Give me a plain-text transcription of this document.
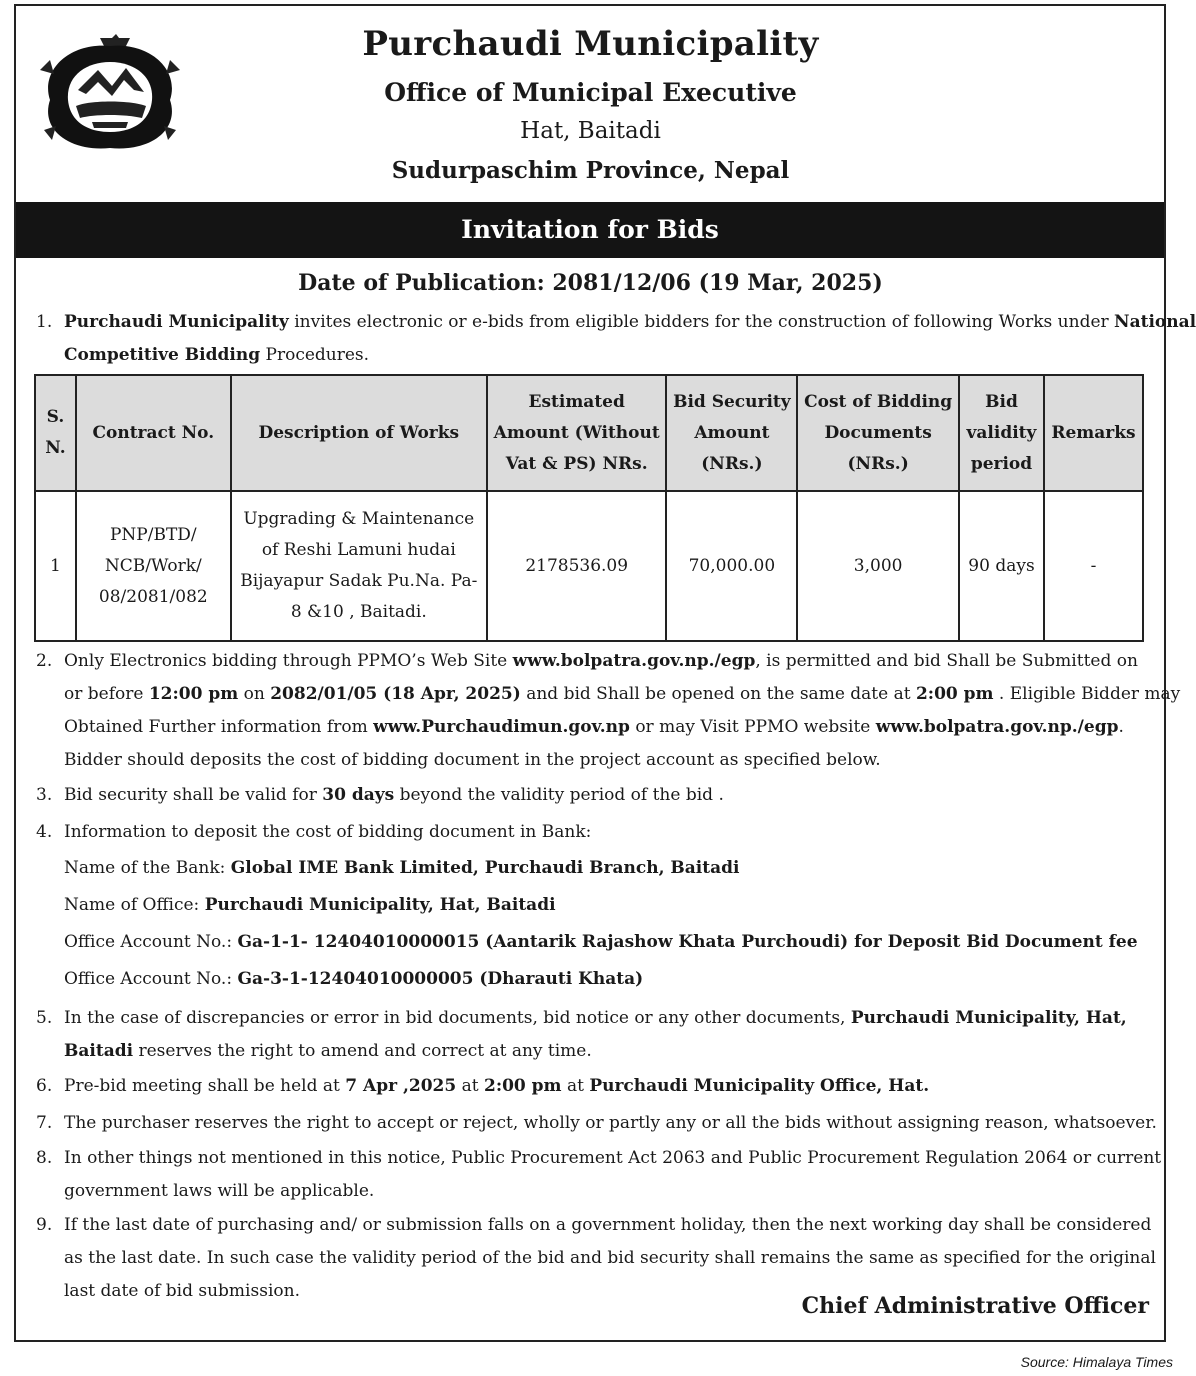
Purchaudi Municipality
Office of Municipal Executive
Hat, Baitadi
Sudurpaschim Province, Nepal
Invitation for Bids
Date of Publication: 2081/12/06 (19 Mar, 2025)
1. Purchaudi Municipality invites electronic or e-bids from eligible bidders for the construction of following Works under National
Competitive Bidding Procedures.
S. N.	Contract No.	Description of Works	Estimated Amount (Without Vat & PS) NRs.	Bid Security Amount (NRs.)	Cost of Bidding Documents (NRs.)	Bid validity period	Remarks
1	PNP/BTD/ NCB/Work/ 08/2081/082	Upgrading & Maintenance of Reshi Lamuni hudai Bijayapur Sadak Pu.Na. Pa-8 &10 , Baitadi.	2178536.09	70,000.00	3,000	90 days	-
2. Only Electronics bidding through PPMO’s Web Site www.bolpatra.gov.np./egp, is permitted and bid Shall be Submitted on
or before 12:00 pm on 2082/01/05 (18 Apr, 2025) and bid Shall be opened on the same date at 2:00 pm . Eligible Bidder may
Obtained Further information from www.Purchaudimun.gov.np or may Visit PPMO website www.bolpatra.gov.np./egp.
Bidder should deposits the cost of bidding document in the project account as specified below.
3. Bid security shall be valid for 30 days beyond the validity period of the bid .
4. Information to deposit the cost of bidding document in Bank:
Name of the Bank: Global IME Bank Limited, Purchaudi Branch, Baitadi
Name of Office: Purchaudi Municipality, Hat, Baitadi
Office Account No.: Ga-1-1- 12404010000015 (Aantarik Rajashow Khata Purchoudi) for Deposit Bid Document fee
Office Account No.: Ga-3-1-12404010000005 (Dharauti Khata)
5. In the case of discrepancies or error in bid documents, bid notice or any other documents, Purchaudi Municipality, Hat,
Baitadi reserves the right to amend and correct at any time.
6. Pre-bid meeting shall be held at 7 Apr ,2025 at 2:00 pm at Purchaudi Municipality Office, Hat.
7. The purchaser reserves the right to accept or reject, wholly or partly any or all the bids without assigning reason, whatsoever.
8. In other things not mentioned in this notice, Public Procurement Act 2063 and Public Procurement Regulation 2064 or current
government laws will be applicable.
9. If the last date of purchasing and/ or submission falls on a government holiday, then the next working day shall be considered
as the last date. In such case the validity period of the bid and bid security shall remains the same as specified for the original
last date of bid submission.
Chief Administrative Officer
Source: Himalaya Times
